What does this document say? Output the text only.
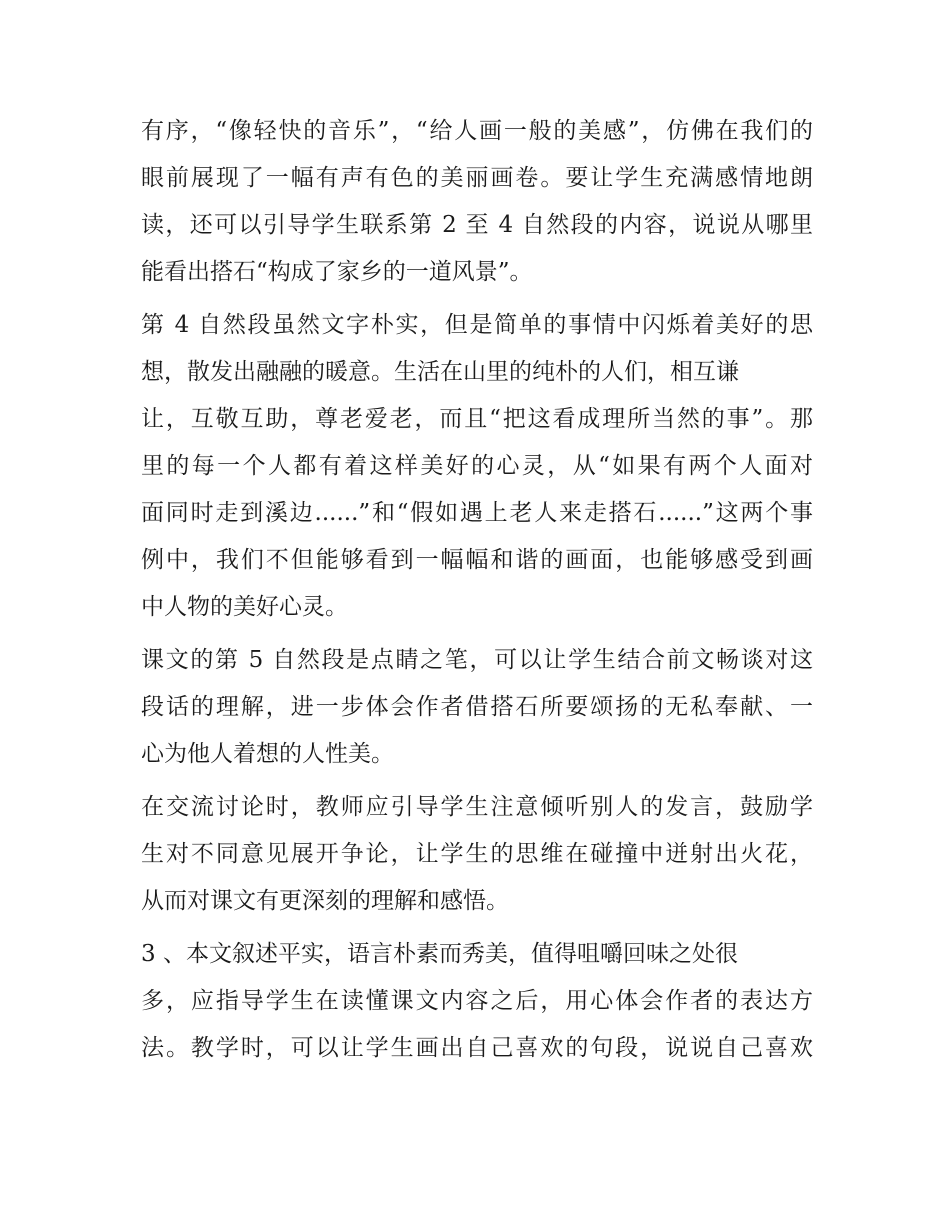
有序，“像轻快的音乐”，“给人画一般的美感”，仿佛在我们的

眼前展现了一幅有声有色的美丽画卷。要让学生充满感情地朗

读，还可以引导学生联系第 2 至 4 自然段的内容，说说从哪里

能看出搭石“构成了家乡的一道风景”。

第 4 自然段虽然文字朴实，但是简单的事情中闪烁着美好的思

想，散发出融融的暖意。生活在山里的纯朴的人们，相互谦

让，互敬互助，尊老爱老，而且“把这看成理所当然的事”。那

里的每一个人都有着这样美好的心灵，从“如果有两个人面对

面同时走到溪边......”和“假如遇上老人来走搭石......”这两个事

例中，我们不但能够看到一幅幅和谐的画面，也能够感受到画

中人物的美好心灵。

课文的第 5 自然段是点睛之笔，可以让学生结合前文畅谈对这

段话的理解，进一步体会作者借搭石所要颂扬的无私奉献、一

心为他人着想的人性美。

在交流讨论时，教师应引导学生注意倾听别人的发言，鼓励学

生对不同意见展开争论，让学生的思维在碰撞中迸射出火花，

从而对课文有更深刻的理解和感悟。

3 、本文叙述平实，语言朴素而秀美，值得咀嚼回味之处很

多，应指导学生在读懂课文内容之后，用心体会作者的表达方

法。教学时，可以让学生画出自己喜欢的句段，说说自己喜欢
